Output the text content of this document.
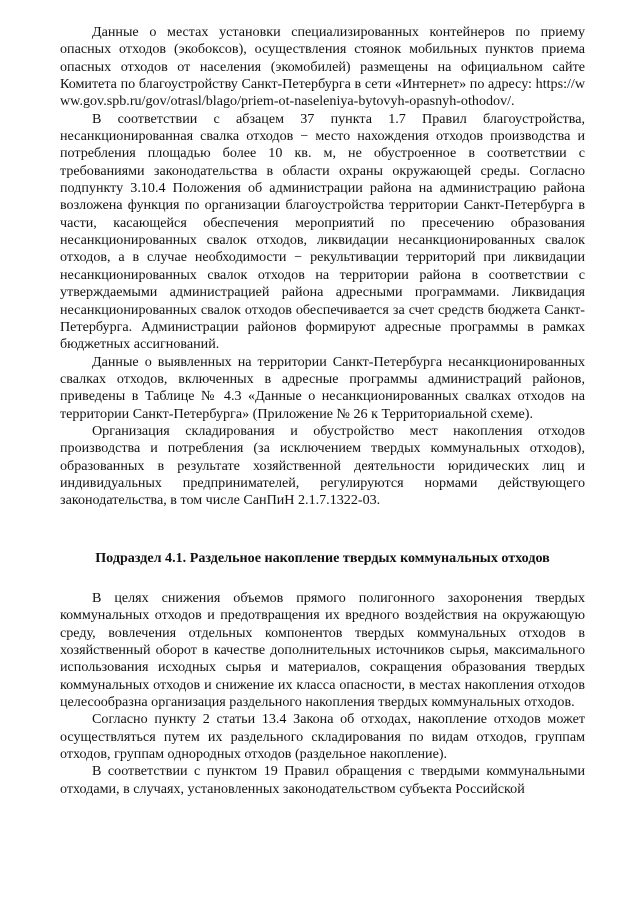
Данные о местах установки специализированных контейнеров по приему опасных отходов (экобоксов), осуществления стоянок мобильных пунктов приема опасных отходов от населения (экомобилей) размещены на официальном сайте Комитета по благоустройству Санкт-Петербурга в сети «Интернет» по адресу: https://www.gov.spb.ru/gov/otrasl/blago/priem-ot-naseleniya-bytovyh-opasnyh-othodov/.

В соответствии с абзацем 37 пункта 1.7 Правил благоустройства, несанкционированная свалка отходов − место нахождения отходов производства и потребления площадью более 10 кв. м, не обустроенное в соответствии с требованиями законодательства в области охраны окружающей среды. Согласно подпункту 3.10.4 Положения об администрации района на администрацию района возложена функция по организации благоустройства территории Санкт-Петербурга в части, касающейся обеспечения мероприятий по пресечению образования несанкционированных свалок отходов, ликвидации несанкционированных свалок отходов, а в случае необходимости − рекультивации территорий при ликвидации несанкционированных свалок отходов на территории района в соответствии с утверждаемыми администрацией района адресными программами. Ликвидация несанкционированных свалок отходов обеспечивается за счет средств бюджета Санкт-Петербурга. Администрации районов формируют адресные программы в рамках бюджетных ассигнований.

Данные о выявленных на территории Санкт-Петербурга несанкционированных свалках отходов, включенных в адресные программы администраций районов, приведены в Таблице № 4.3 «Данные о несанкционированных свалках отходов на территории Санкт-Петербурга» (Приложение № 26 к Территориальной схеме).

Организация складирования и обустройство мест накопления отходов производства и потребления (за исключением твердых коммунальных отходов), образованных в результате хозяйственной деятельности юридических лиц и индивидуальных предпринимателей, регулируются нормами действующего законодательства, в том числе СанПиН 2.1.7.1322-03.

Подраздел 4.1. Раздельное накопление твердых коммунальных отходов

В целях снижения объемов прямого полигонного захоронения твердых коммунальных отходов и предотвращения их вредного воздействия на окружающую среду, вовлечения отдельных компонентов твердых коммунальных отходов в хозяйственный оборот в качестве дополнительных источников сырья, максимального использования исходных сырья и материалов, сокращения образования твердых коммунальных отходов и снижение их класса опасности, в местах накопления отходов целесообразна организация раздельного накопления твердых коммунальных отходов.

Согласно пункту 2 статьи 13.4 Закона об отходах, накопление отходов может осуществляться путем их раздельного складирования по видам отходов, группам отходов, группам однородных отходов (раздельное накопление).

В соответствии с пунктом 19 Правил обращения с твердыми коммунальными отходами, в случаях, установленных законодательством субъекта Российской
